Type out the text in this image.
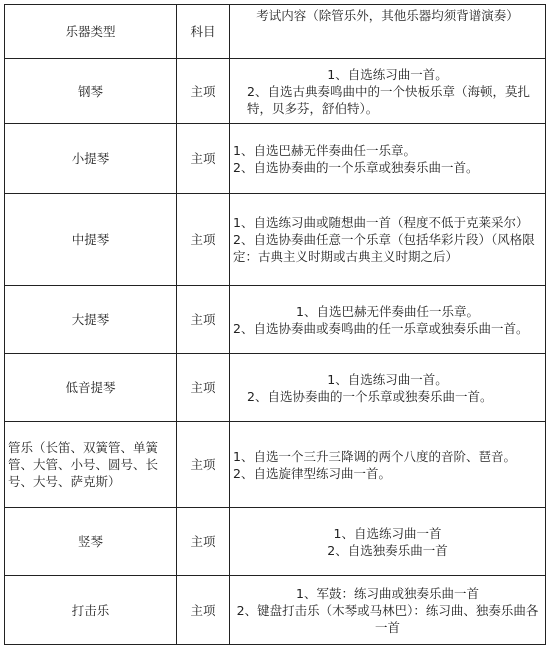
乐器类型	科目	考试内容（除管乐外，其他乐器均须背谱演奏）
钢琴	主项	1、自选练习曲一首。
2、自选古典奏鸣曲中的一个快板乐章（海顿，莫扎特，贝多芬，舒伯特）。

小提琴	主项	1、自选巴赫无伴奏曲任一乐章。
2、自选协奏曲的一个乐章或独奏乐曲一首。

中提琴	主项	1、自选练习曲或随想曲一首（程度不低于克莱采尔）
2、自选协奏曲任意一个乐章（包括华彩片段）（风格限定：古典主义时期或古典主义时期之后）

大提琴	主项	1、自选巴赫无伴奏曲任一乐章。
2、自选协奏曲或奏鸣曲的任一乐章或独奏乐曲一首。

低音提琴	主项	1、自选练习曲一首。
2、自选协奏曲的一个乐章或独奏乐曲一首。

管乐（长笛、双簧管、单簧管、大管、小号、圆号、长号、大号、萨克斯）	主项	1、自选一个三升三降调的两个八度的音阶、琶音。
2、自选旋律型练习曲一首。

竖琴	主项	1、自选练习曲一首
2、自选独奏乐曲一首

打击乐	主项	1、军鼓：练习曲或独奏乐曲一首
2、键盘打击乐（木琴或马林巴）：练习曲、独奏乐曲各一首
